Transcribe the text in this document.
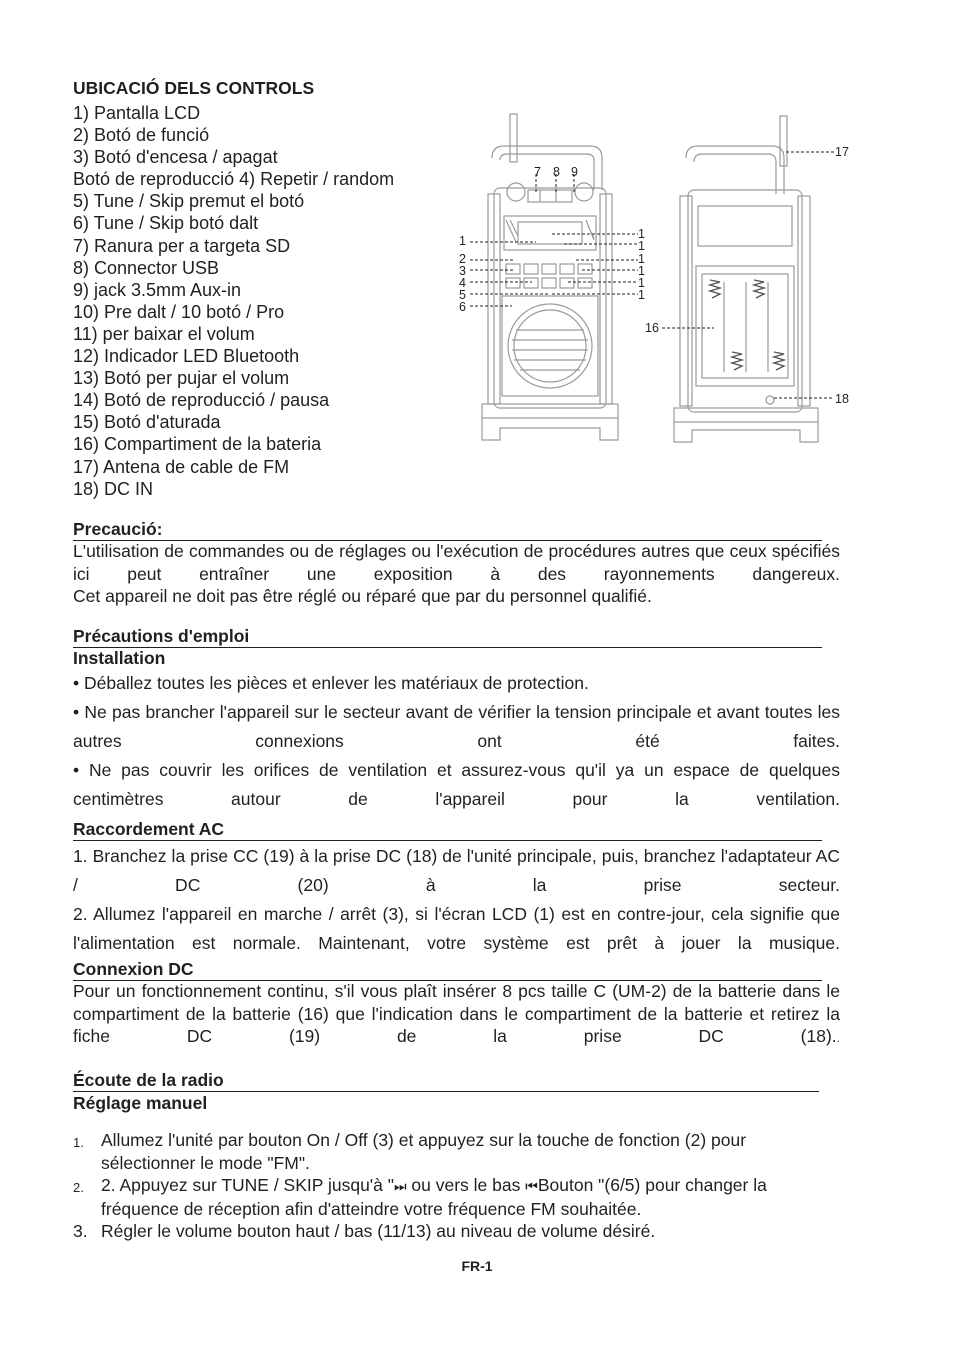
UBICACIÓ DELS CONTROLS
1) Pantalla LCD
2) Botó de funció
3) Botó d'encesa / apagat
Botó de reproducció 4) Repetir / random
5) Tune / Skip premut el botó
6) Tune / Skip botó dalt
7) Ranura per a targeta SD
8) Connector USB
9) jack 3.5mm Aux-in
10) Pre dalt / 10 botó / Pro
11) per baixar el volum
12) Indicador LED Bluetooth
13) Botó per pujar el volum
14) Botó de reproducció / pausa
15) Botó d'aturada
16) Compartiment de la bateria
17) Antena de cable de FM
18) DC IN
7 8 9
1
2
3
4
5
6
1
1
1
1
1
1
16
17
18
Precaució:
L'utilisation de commandes ou de réglages ou l'exécution de procédures autres que ceux spécifiés ici peut entraîner une exposition à des rayonnements dangereux.
Cet appareil ne doit pas être réglé ou réparé que par du personnel qualifié.
Précautions d'emploi
Installation
• Déballez toutes les pièces et enlever les matériaux de protection.
• Ne pas brancher l'appareil sur le secteur avant de vérifier la tension principale et avant toutes les autres connexions ont été faites.
• Ne pas couvrir les orifices de ventilation et assurez-vous qu'il ya un espace de quelques centimètres autour de l'appareil pour la ventilation.
Raccordement AC
1. Branchez la prise CC (19) à la prise DC (18) de l'unité principale, puis, branchez l'adaptateur AC / DC (20) à la prise secteur.
2. Allumez l'appareil en marche / arrêt (3), si l'écran LCD (1) est en contre-jour, cela signifie que l'alimentation est normale. Maintenant, votre système est prêt à jouer la musique.
Connexion DC
Pour un fonctionnement continu, s'il vous plaît insérer 8 pcs taille C (UM-2) de la batterie dans le compartiment de la batterie (16) que l'indication dans le compartiment de la batterie et retirez la fiche DC (19) de la prise DC (18)..
Écoute de la radio
Réglage manuel
1. Allumez l'unité par bouton On / Off (3) et appuyez sur la touche de fonction (2) pour sélectionner le mode "FM".
2. 2. Appuyez sur TUNE / SKIP jusqu'à "⏭ ou vers le bas ⏮Bouton "(6/5) pour changer la fréquence de réception afin d'atteindre votre fréquence FM souhaitée.
3. Régler le volume bouton haut / bas (11/13) au niveau de volume désiré.
FR-1
